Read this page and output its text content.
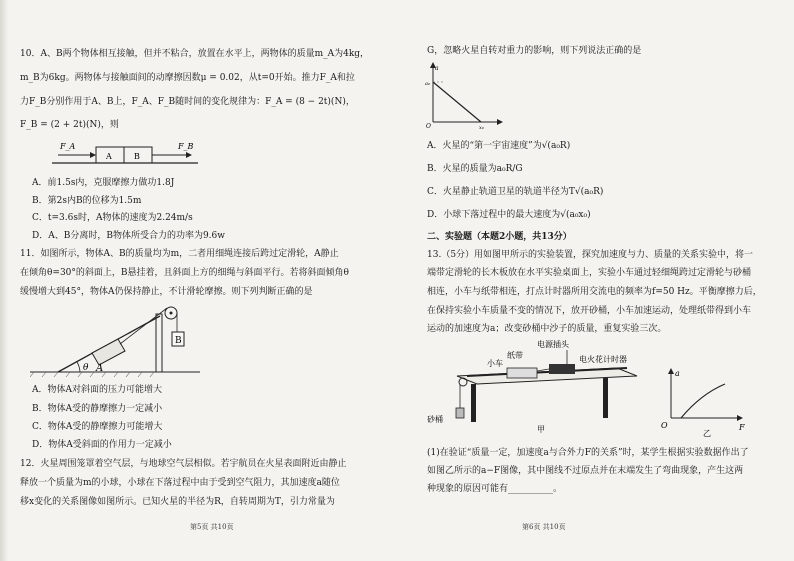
10．A、B两个物体相互接触，但并不粘合，放置在水平上，两物体的质量m_A为4kg，
m_B为6kg。两物体与接触面间的动摩擦因数μ = 0.02，从t=0开始。推力F_A和拉
力F_B分别作用于A、B上，F_A、F_B随时间的变化规律为：F_A = (8 − 2t)(N)，
F_B = (2 + 2t)(N)，则
F_A
A	B
F_B
A．前1.5s内，克服摩擦力做功1.8J
B．第2s内B的位移为1.5m
C．t=3.6s时，A物体的速度为2.24m/s
D．A、B分离时，B物体所受合力的功率为9.6w
11．如图所示，物体A、B的质量均为m，二者用细绳连接后跨过定滑轮，A静止
在倾角θ=30°的斜面上，B悬挂着，且斜面上方的细绳与斜面平行。若将斜面倾角θ
缓慢增大到45°，物体A仍保持静止，不计滑轮摩擦。则下列判断正确的是
A
B
θ
A．物体A对斜面的压力可能增大
B．物体A受的静摩擦力一定减小
C．物体A受的静摩擦力可能增大
D．物体A受斜面的作用力一定减小
12．火星周围笼罩着空气层，与地球空气层相似。若宇航员在火星表面附近由静止
释放一个质量为m的小球，小球在下落过程中由于受到空气阻力，其加速度a随位
移x变化的关系图像如图所示。已知火星的半径为R，自转周期为T，引力常量为
第5页 共10页
G，忽略火星自转对重力的影响，则下列说法正确的是
a
a₀
x₀
O
A．火星的“第一宇宙速度”为√(a₀R)
B．火星的质量为a₀R/G
C．火星静止轨道卫星的轨道半径为T√(a₀R)
D．小球下落过程中的最大速度为√(a₀x₀)
二、实验题（本题2小题，共13分）
13.（5分）用如图甲所示的实验装置，探究加速度与力、质量的关系实验中，将一
端带定滑轮的长木板放在水平实验桌面上，实验小车通过轻细绳跨过定滑轮与砂桶
相连，小车与纸带相连，打点计时器所用交流电的频率为f=50 Hz。平衡摩擦力后，
在保持实验小车质量不变的情况下，放开砂桶，小车加速运动，处理纸带得到小车
运动的加速度为a；改变砂桶中沙子的质量，重复实验三次。
电源插头
纸带
小车	电火花计时器
砂桶
甲
a
F
O
乙
(1)在验证“质量一定，加速度a与合外力F的关系”时，某学生根据实验数据作出了
如图乙所示的a−F图像，其中图线不过原点并在末端发生了弯曲现象，产生这两
种现象的原因可能有__________。
第6页 共10页
